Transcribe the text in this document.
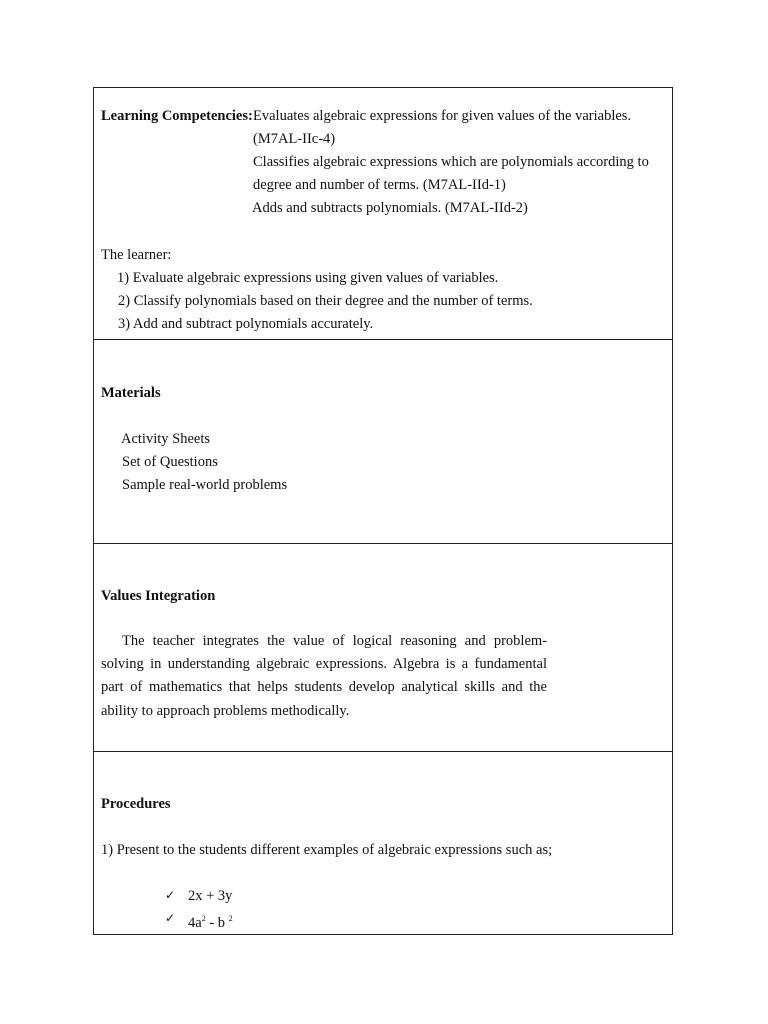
Learning Competencies: Evaluates algebraic expressions for given values of the variables.
(M7AL-IIc-4)
Classifies algebraic expressions which are polynomials according to
degree and number of terms. (M7AL-IId-1)
Adds and subtracts polynomials. (M7AL-IId-2)
The learner:
1) Evaluate algebraic expressions using given values of variables.
2) Classify polynomials based on their degree and the number of terms.
3) Add and subtract polynomials accurately.
Materials
Activity Sheets
Set of Questions
Sample real-world problems
Values Integration
The teacher integrates the value of logical reasoning and problem-solving in understanding algebraic expressions. Algebra is a fundamental part of mathematics that helps students develop analytical skills and the ability to approach problems methodically.
Procedures
1) Present to the students different examples of algebraic expressions such as;
✓ 2x + 3y
✓ $4a^2$ - b $^2$
